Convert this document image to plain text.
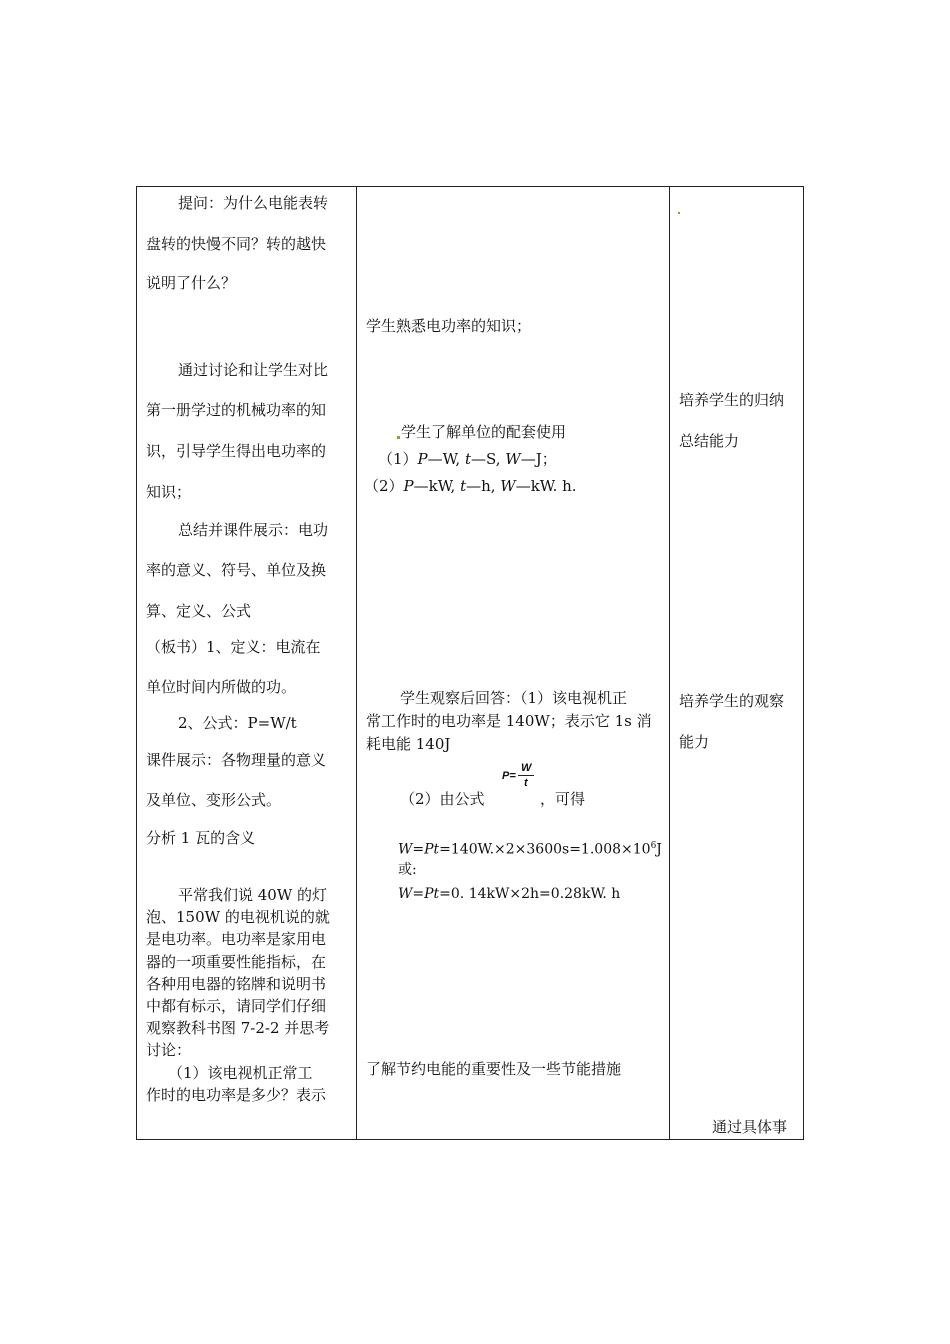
提问：为什么电能表转
盘转的快慢不同？转的越快
说明了什么？
通过讨论和让学生对比
第一册学过的机械功率的知
识，引导学生得出电功率的
知识；
总结并课件展示：电功
率的意义、符号、单位及换
算、定义、公式
（板书）1、定义：电流在
单位时间内所做的功。
2、公式：P=W/t
课件展示：各物理量的意义
及单位、变形公式。
分析 1 瓦的含义
平常我们说 40W 的灯
泡、150W 的电视机说的就
是电功率。电功率是家用电
器的一项重要性能指标，在
各种用电器的铭牌和说明书
中都有标示，请同学们仔细
观察教科书图 7-2-2 并思考
讨论：
（1）该电视机正常工
作时的电功率是多少？表示
学生熟悉电功率的知识；
学生了解单位的配套使用
（1）P—W, t—S, W—J；
（2）P—kW, t—h, W—kW. h.
学生观察后回答：（1）该电视机正
常工作时的电功率是 140W；表示它 1s 消
耗电能 140J
（2）由公式
P=
W
t
，可得
$W=Pt=140W.\times 2\times 3600s=1.008\times 10^6J$
或:
W=Pt=0. 14kW×2h=0.28kW. h
了解节约电能的重要性及一些节能措施
培养学生的归纳
总结能力
培养学生的观察
能力
通过具体事
